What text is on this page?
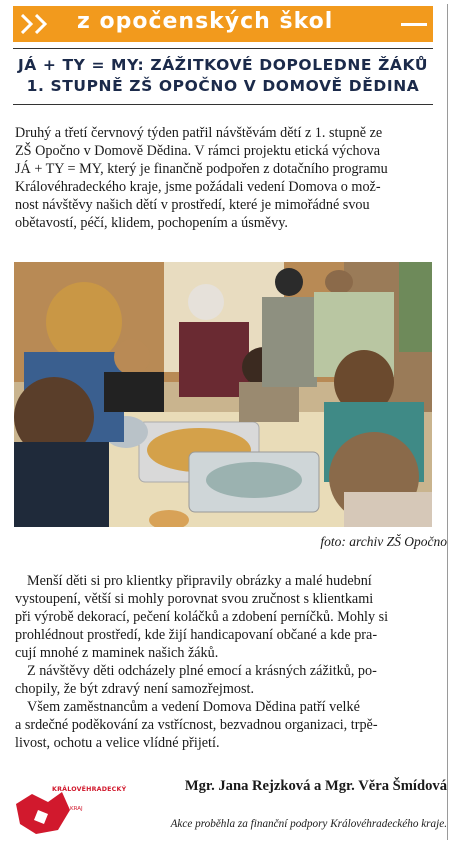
z opočenských škol
JÁ + TY = MY: ZÁŽITKOVÉ DOPOLEDNE ŽÁKŮ
1. STUPNĚ ZŠ OPOČNO V DOMOVĚ DĚDINA

Druhý a třetí červnový týden patřil návštěvám dětí z 1. stupně ze

ZŠ Opočno v Domově Dědina. V rámci projektu etická výchova

JÁ + TY = MY, který je finančně podpořen z dotačního programu

Královéhradeckého kraje, jsme požádali vedení Domova o mož-

nost návštěvy našich dětí v prostředí, které je mimořádné svou

obětavostí, péčí, klidem, pochopením a úsměvy.

foto: archiv ZŠ Opočno

Menší děti si pro klientky připravily obrázky a malé hudební

vystoupení, větší si mohly porovnat svou zručnost s klientkami

při výrobě dekorací, pečení koláčků a zdobení perníčků. Mohly si

prohlédnout prostředí, kde žijí handicapovaní občané a kde pra-

cují mnohé z maminek našich žáků.

Z návštěvy děti odcházely plné emocí a krásných zážitků, po-

chopily, že být zdravý není samozřejmost.

Všem zaměstnancům a vedení Domova Dědina patří velké

a srdečné poděkování za vstřícnost, bezvadnou organizaci, trpě-

livost, ochotu a velice vlídné přijetí.

Mgr. Jana Rejzková a Mgr. Věra Šmídová
KRÁLOVÉHRADECKÝ
KRAJ
Akce proběhla za finanční podpory Královéhradeckého kraje.
